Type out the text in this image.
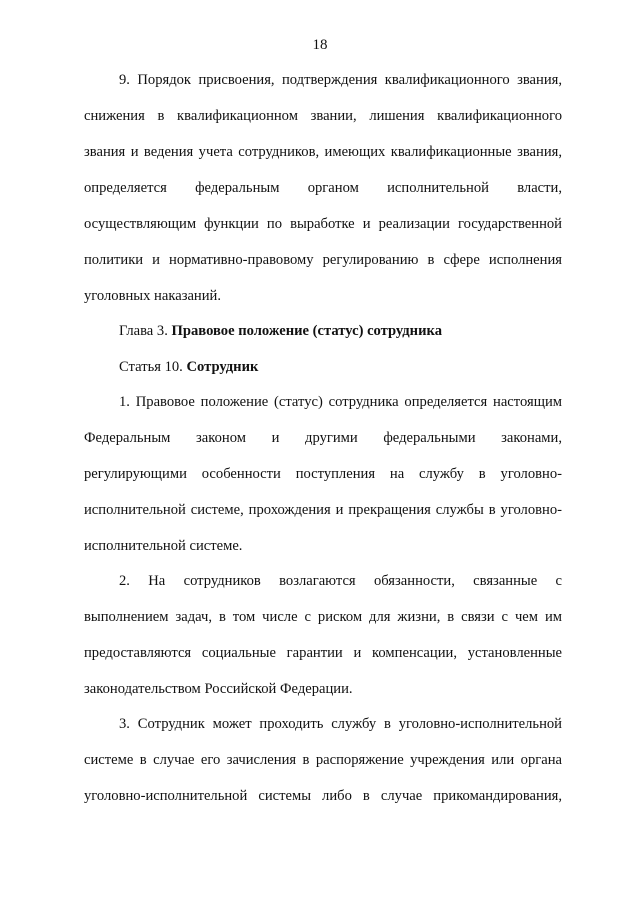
18
9. Порядок присвоения, подтверждения квалификационного звания,
снижения в квалификационном звании, лишения квалификационного
звания и ведения учета сотрудников, имеющих квалификационные звания,
определяется федеральным органом исполнительной власти,
осуществляющим функции по выработке и реализации государственной
политики и нормативно-правовому регулированию в сфере исполнения
уголовных наказаний.
Глава 3. Правовое положение (статус) сотрудника
Статья 10. Сотрудник
1. Правовое положение (статус) сотрудника определяется настоящим
Федеральным законом и другими федеральными законами,
регулирующими особенности поступления на службу в уголовно-
исполнительной системе, прохождения и прекращения службы в уголовно-
исполнительной системе.
2. На сотрудников возлагаются обязанности, связанные с
выполнением задач, в том числе с риском для жизни, в связи с чем им
предоставляются социальные гарантии и компенсации, установленные
законодательством Российской Федерации.
3. Сотрудник может проходить службу в уголовно-исполнительной
системе в случае его зачисления в распоряжение учреждения или органа
уголовно-исполнительной системы либо в случае прикомандирования,
